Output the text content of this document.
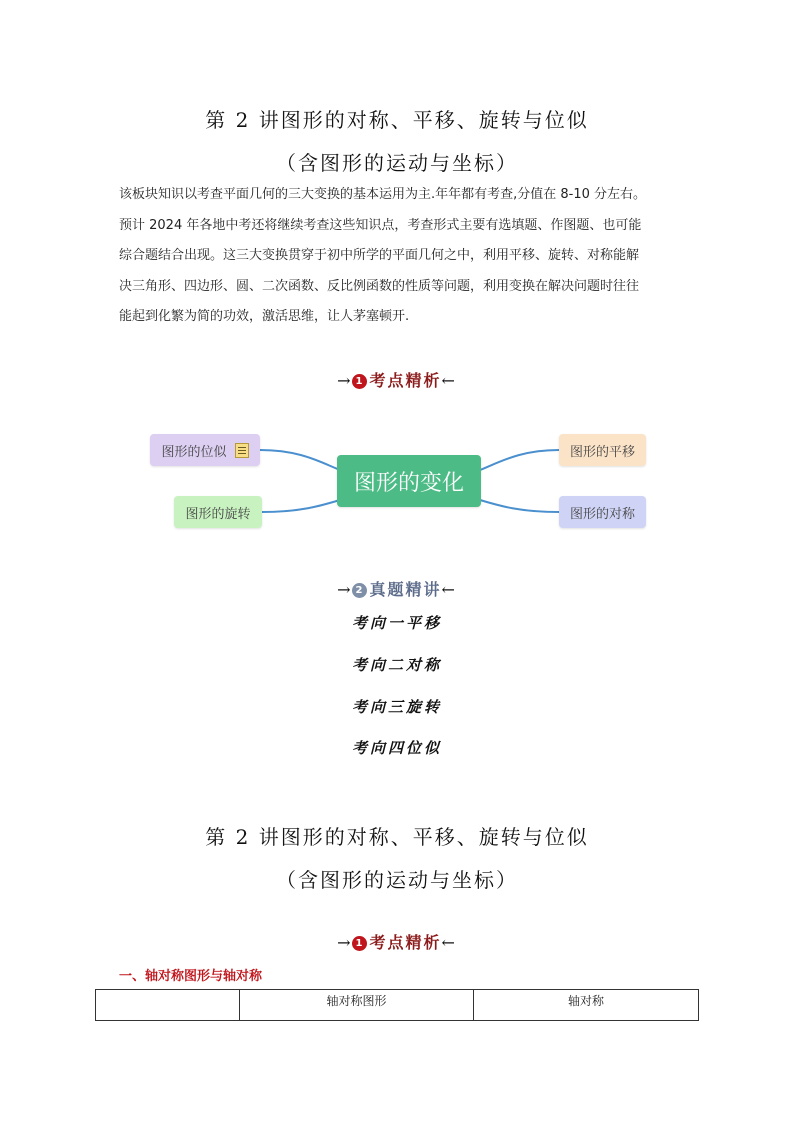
第 2 讲图形的对称、平移、旋转与位似
（含图形的运动与坐标）

该板块知识以考查平面几何的三大变换的基本运用为主.年年都有考查,分值在 8-10 分左右。

预计 2024 年各地中考还将继续考查这些知识点，考查形式主要有选填题、作图题、也可能

综合题结合出现。这三大变换贯穿于初中所学的平面几何之中，利用平移、旋转、对称能解

决三角形、四边形、圆、二次函数、反比例函数的性质等问题，利用变换在解决问题时往往

能起到化繁为简的功效，激活思维，让人茅塞顿开.

→ 1 考点精析←
图形的变化
图形的位似
图形的旋转
图形的平移
图形的对称
→ 2 真题精讲←
考向一平移
考向二对称
考向三旋转
考向四位似
第 2 讲图形的对称、平移、旋转与位似
（含图形的运动与坐标）
→ 1 考点精析←
一、轴对称图形与轴对称
	轴对称图形	轴对称
